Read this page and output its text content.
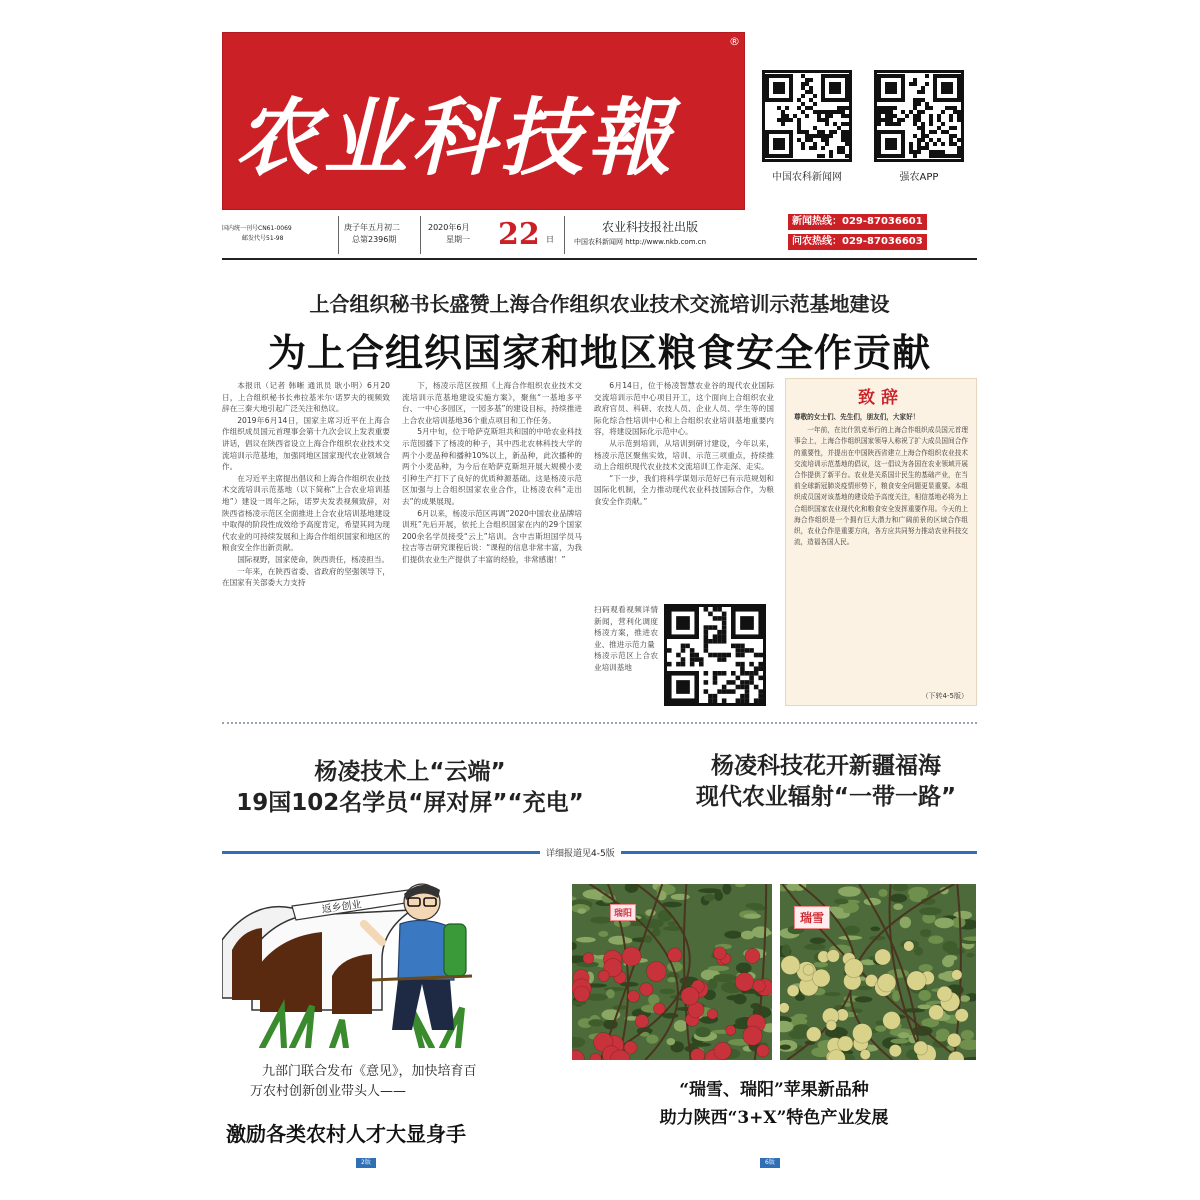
农业科技報
®
中国农科新闻网	强农APP
国内统一刊号CN61-0069
邮发代号51-98
庚子年五月初二
总第2396期
2020年6月
星期一 22 日
农业科技报社出版
中国农科新闻网 http://www.nkb.com.cn
新闻热线：029-87036601
问农热线：029-87036603
上合组织秘书长盛赞上海合作组织农业技术交流培训示范基地建设
为上合组织国家和地区粮食安全作贡献

本报讯（记者 韩晰 通讯员 耿小明）6月20日，上合组织秘书长弗拉基米尔·诺罗夫的视频致辞在三秦大地引起广泛关注和热议。

2019年6月14日，国家主席习近平在上海合作组织成员国元首理事会第十九次会议上发表重要讲话，倡议在陕西省设立上海合作组织农业技术交流培训示范基地，加强同地区国家现代农业领域合作。

在习近平主席提出倡议和上海合作组织农业技术交流培训示范基地（以下简称“上合农业培训基地”）建设一周年之际，诺罗夫发表视频致辞，对陕西省杨凌示范区全面推进上合农业培训基地建设中取得的阶段性成效给予高度肯定，希望其同为现代农业的可持续发展和上海合作组织国家和地区的粮食安全作出新贡献。

国际视野，国家使命，陕西责任，杨凌担当。

一年来，在陕西省委、省政府的坚强领导下，在国家有关部委大力支持

下，杨凌示范区按照《上海合作组织农业技术交流培训示范基地建设实施方案》，聚焦“一基地多平台、一中心多园区，一园多基”的建设目标，持续推进上合农业培训基地36个重点项目和工作任务。

5月中旬，位于哈萨克斯坦共和国的中哈农业科技示范园播下了杨凌的种子，其中西北农林科技大学的两个小麦品种和播种10%以上，新品种，此次播种的两个小麦品种，为今后在哈萨克斯坦开展大规模小麦引种生产打下了良好的优质种源基础。这是杨凌示范区加强与上合组织国家农业合作，让杨凌农科“走出去”的成果展现。

6月以来，杨凌示范区再调“2020中国农业品牌培训班”先后开展，依托上合组织国家在内的29个国家200余名学员接受“云上”培训。含中吉斯坦国学员马拉吉等吉研究课程后说：“课程的信息非常丰富，为我们提供农业生产提供了丰富的经验，非常感谢！”

6月14日，位于杨凌智慧农业谷的现代农业国际交流培训示范中心项目开工，这个面向上合组织农业政府官员、科研、农技人员、企业人员、学生等的国际化综合性培训中心和上合组织农业培训基地重要内容，将建设国际化示范中心。

从示范到培训，从培训到研讨建设，今年以来，杨凌示范区聚焦实效，培训、示范三项重点，持续推动上合组织现代农业技术交流培训工作走深、走实。

“下一步，我们将科学谋划示范好已有示范规划和国际化机制，全力推动现代农业科技国际合作，为粮食安全作贡献。”

扫码观看视频详情新闻，营利化调度杨凌方案，推进农业、推进示范力量

杨凌示范区上合农业培训基地

致辞
尊敬的女士们、先生们，朋友们，大家好！
一年前，在比什凯克举行的上海合作组织成员国元首理事会上，上海合作组织国家领导人称祝了扩大成员国间合作的重要性，并提出在中国陕西省建立上海合作组织农业技术交流培训示范基地的倡议，这一倡议为各国在农业领域开展合作提供了新平台。农业是关系国计民生的基础产业，在当前全球新冠肺炎疫情形势下，粮食安全问题更显重要。本组织成员国对该基地的建设给予高度关注，相信基地必将为上合组织国家农业现代化和粮食安全发挥重要作用。今天的上海合作组织是一个拥有巨大潜力和广阔前景的区域合作组织，农业合作是重要方向，各方应共同努力推动农业科技交流，造福各国人民。
（下转4-5版）
杨凌技术上“云端”
19国102名学员“屏对屏”“充电”
杨凌科技花开新疆福海
现代农业辐射“一带一路”
详细报道见4-5版
返乡创业
九部门联合发布《意见》，加快培育百
万农村创新创业带头人——
激励各类农村人才大显身手
2版
瑞阳	瑞雪
“瑞雪、瑞阳”苹果新品种
助力陕西“3+X”特色产业发展
6版
